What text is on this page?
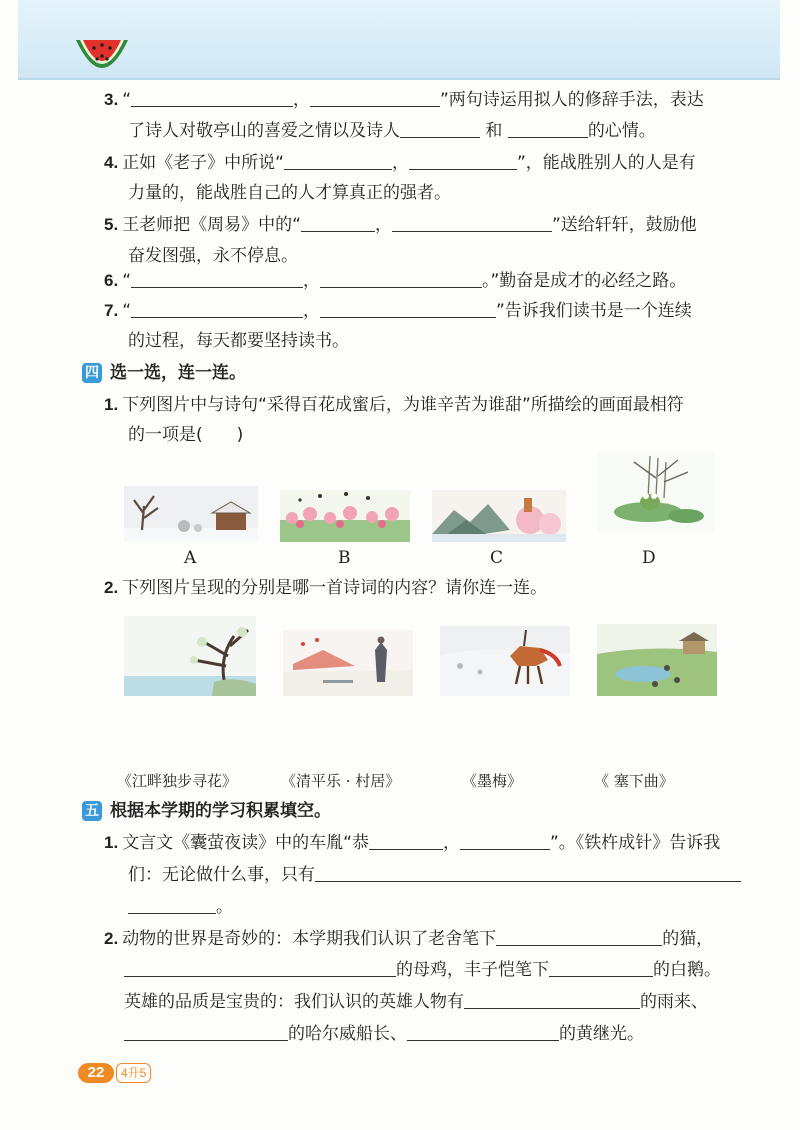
3. “	，	”两句诗运用拟人的修辞手法，表达
了诗人对敬亭山的喜爱之情以及诗人	和	的心情。
4. 正如《老子》中所说“	，	”，能战胜别人的人是有
力量的，能战胜自己的人才算真正的强者。
5. 王老师把《周易》中的“	，	”送给轩轩，鼓励他
奋发图强，永不停息。
6. “	，	。”勤奋是成才的必经之路。
7. “	，	”告诉我们读书是一个连续
的过程，每天都要坚持读书。
四 选一选，连一连。
1. 下列图片中与诗句“采得百花成蜜后，为谁辛苦为谁甜”所描绘的画面最相符
的一项是(　　)
A	B	C	D
2. 下列图片呈现的分别是哪一首诗词的内容？请你连一连。
《江畔独步寻花》	《清平乐 · 村居》	《墨梅》	《 塞下曲》
五 根据本学期的学习积累填空。
1. 文言文《囊萤夜读》中的车胤“恭	，	”。《铁杵成针》告诉我
们：无论做什么事，只有
。
2. 动物的世界是奇妙的：本学期我们认识了老舍笔下	的猫，
的母鸡，丰子恺笔下	的白鹅。
英雄的品质是宝贵的：我们认识的英雄人物有	的雨来、
的哈尔威船长、	的黄继光。
22	4升5
